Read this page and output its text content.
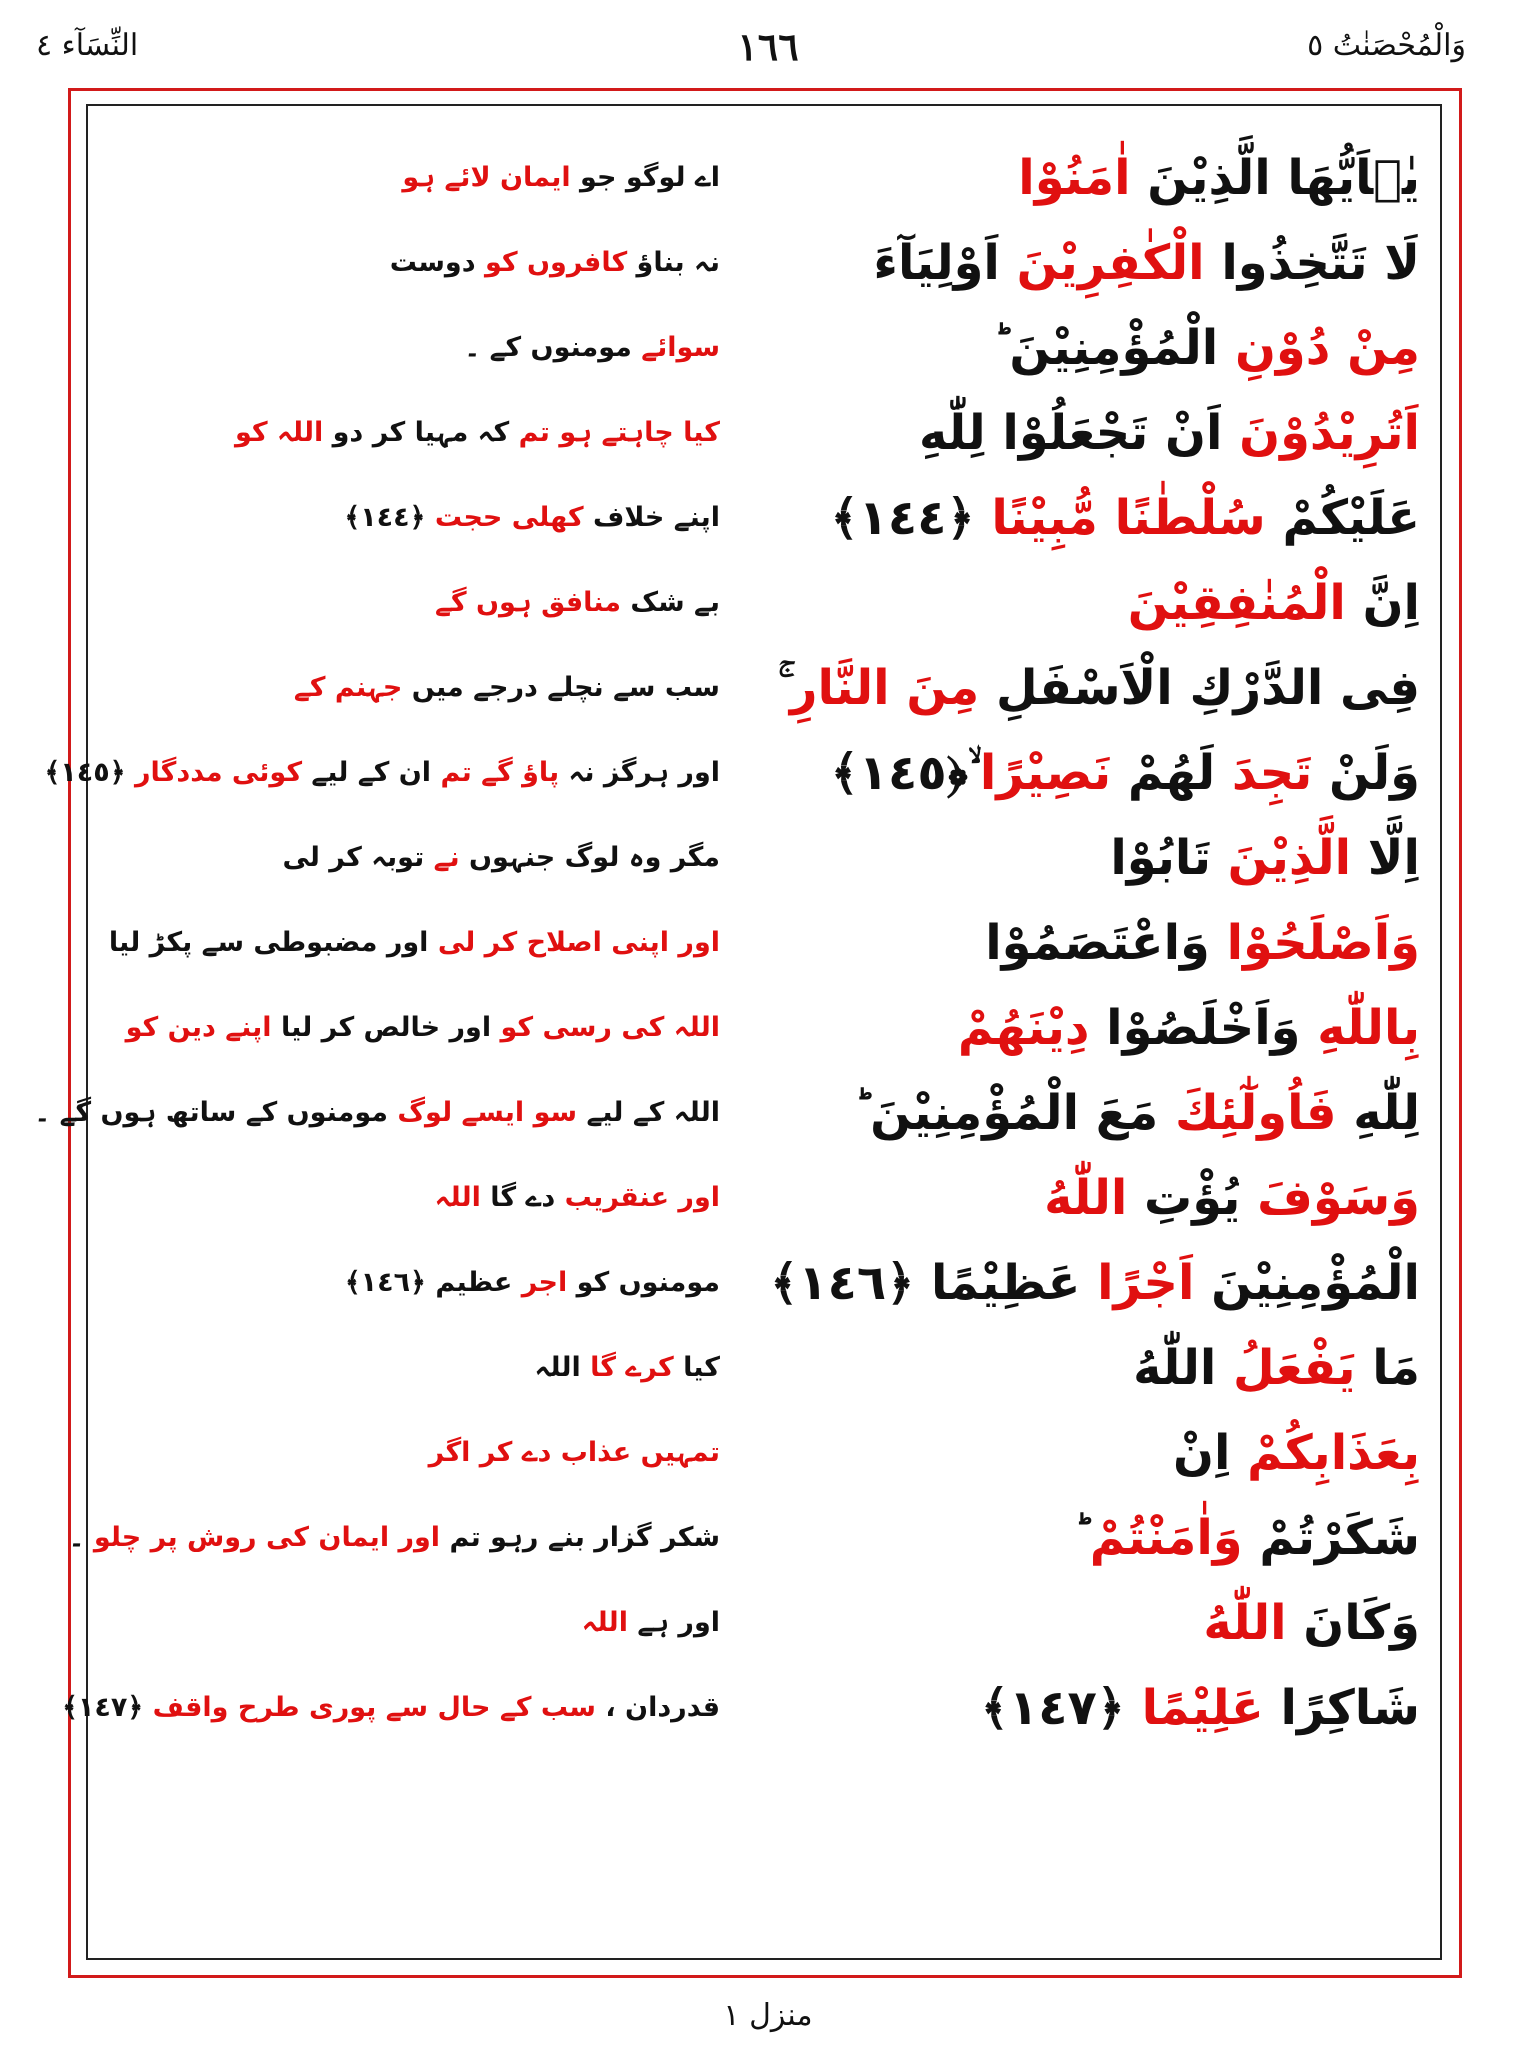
وَالْمُحْصَنٰتُ ٥
١٦٦
النِّسَآء ٤
يٰۤاَيُّهَا الَّذِيْنَ اٰمَنُوْا
اے لوگو جو ایمان لائے ہو
لَا تَتَّخِذُوا الْكٰفِرِيْنَ اَوْلِيَآءَ
نہ بناؤ کافروں کو دوست
مِنْ دُوْنِ الْمُؤْمِنِيْنَ ؕ
سوائے مومنوں کے ۔
اَتُرِيْدُوْنَ اَنْ تَجْعَلُوْا لِلّٰهِ
کیا چاہتے ہو تم کہ مہیا کر دو اللہ کو
عَلَيْكُمْ سُلْطٰنًا مُّبِيْنًا ﴿١٤٤﴾
اپنے خلاف کھلی حجت ﴿١٤٤﴾
اِنَّ الْمُنٰفِقِيْنَ
بے شک منافق ہوں گے
فِى الدَّرْكِ الْاَسْفَلِ مِنَ النَّارِ ۚ
سب سے نچلے درجے میں جہنم کے
وَلَنْ تَجِدَ لَهُمْ نَصِيْرًا ۙ﴿١٤٥﴾
اور ہرگز نہ پاؤ گے تم ان کے لیے کوئی مددگار ﴿١٤٥﴾
اِلَّا الَّذِيْنَ تَابُوْا
مگر وہ لوگ جنہوں نے توبہ کر لی
وَاَصْلَحُوْا وَاعْتَصَمُوْا
اور اپنی اصلاح کر لی اور مضبوطی سے پکڑ لیا
بِاللّٰهِ وَاَخْلَصُوْا دِيْنَهُمْ
اللہ کی رسی کو اور خالص کر لیا اپنے دین کو
لِلّٰهِ فَاُولٰٓئِكَ مَعَ الْمُؤْمِنِيْنَ ؕ
اللہ کے لیے سو ایسے لوگ مومنوں کے ساتھ ہوں گے ۔
وَسَوْفَ يُؤْتِ اللّٰهُ
اور عنقریب دے گا اللہ
الْمُؤْمِنِيْنَ اَجْرًا عَظِيْمًا ﴿١٤٦﴾
مومنوں کو اجر عظیم ﴿١٤٦﴾
مَا يَفْعَلُ اللّٰهُ
کیا کرے گا اللہ
بِعَذَابِكُمْ اِنْ
تمہیں عذاب دے کر اگر
شَكَرْتُمْ وَاٰمَنْتُمْ ؕ
شکر گزار بنے رہو تم اور ایمان کی روش پر چلو ۔
وَكَانَ اللّٰهُ
اور ہے اللہ
شَاكِرًا عَلِيْمًا ﴿١٤٧﴾
قدردان ، سب کے حال سے پوری طرح واقف ﴿١٤٧﴾
منزل ١
